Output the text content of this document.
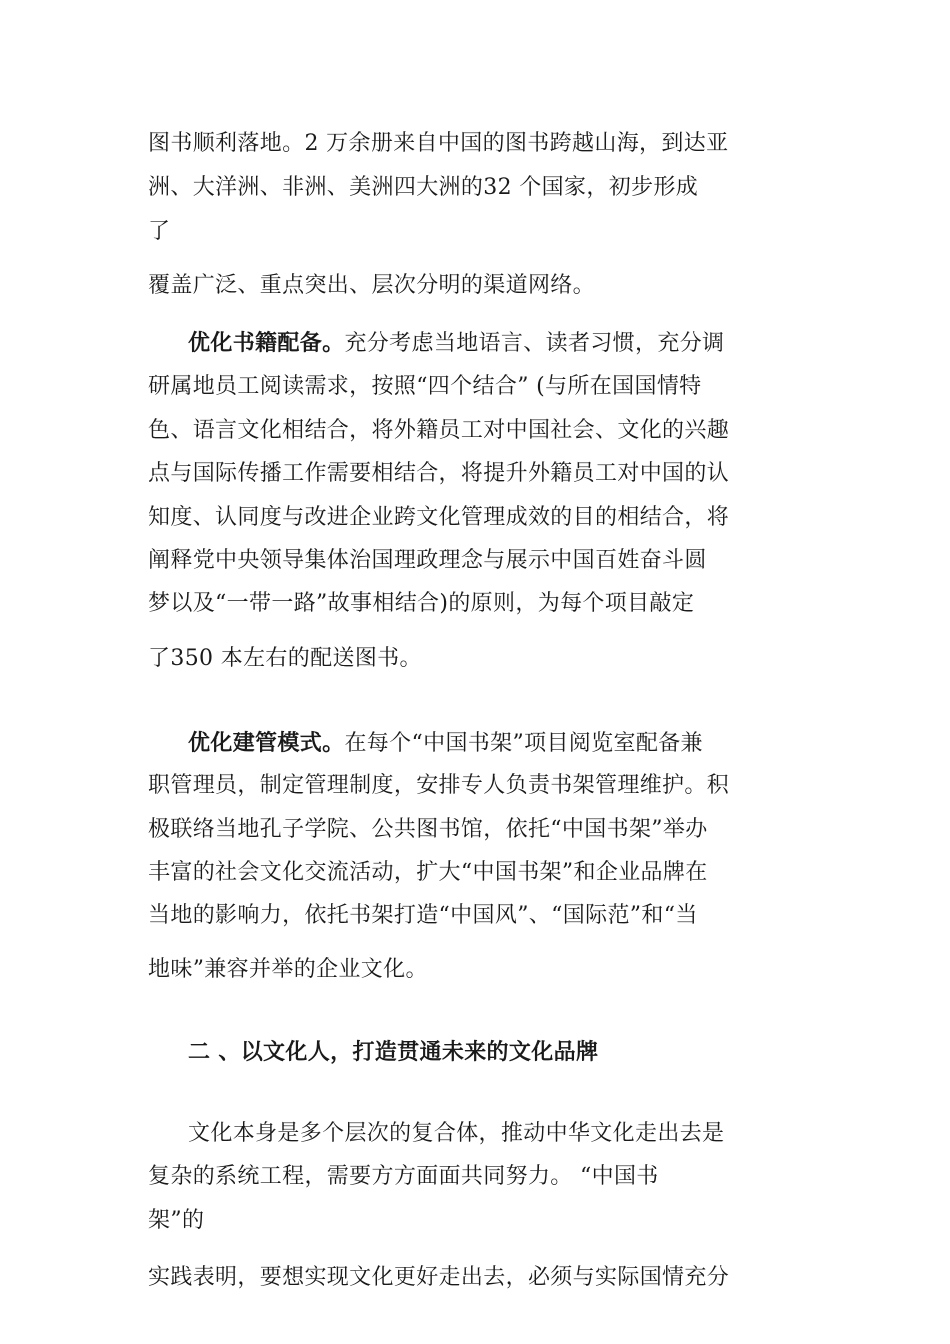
图书顺利落地。2 万余册来自中国的图书跨越山海，到达亚
洲、大洋洲、非洲、美洲四大洲的32 个国家，初步形成
了
覆盖广泛、重点突出、层次分明的渠道网络。
优化书籍配备。充分考虑当地语言、读者习惯，充分调
研属地员工阅读需求，按照“四个结合” (与所在国国情特
色、语言文化相结合，将外籍员工对中国社会、文化的兴趣
点与国际传播工作需要相结合，将提升外籍员工对中国的认
知度、认同度与改进企业跨文化管理成效的目的相结合，将
阐释党中央领导集体治国理政理念与展示中国百姓奋斗圆
梦以及“一带一路”故事相结合)的原则，为每个项目敲定
了350 本左右的配送图书。
优化建管模式。在每个“中国书架”项目阅览室配备兼
职管理员，制定管理制度，安排专人负责书架管理维护。积
极联络当地孔子学院、公共图书馆，依托“中国书架”举办
丰富的社会文化交流活动，扩大“中国书架”和企业品牌在
当地的影响力，依托书架打造“中国风”、“国际范”和“当
地味”兼容并举的企业文化。
二 、以文化人，打造贯通未来的文化品牌
文化本身是多个层次的复合体，推动中华文化走出去是
复杂的系统工程，需要方方面面共同努力。 “中国书
架”的
实践表明，要想实现文化更好走出去，必须与实际国情充分
